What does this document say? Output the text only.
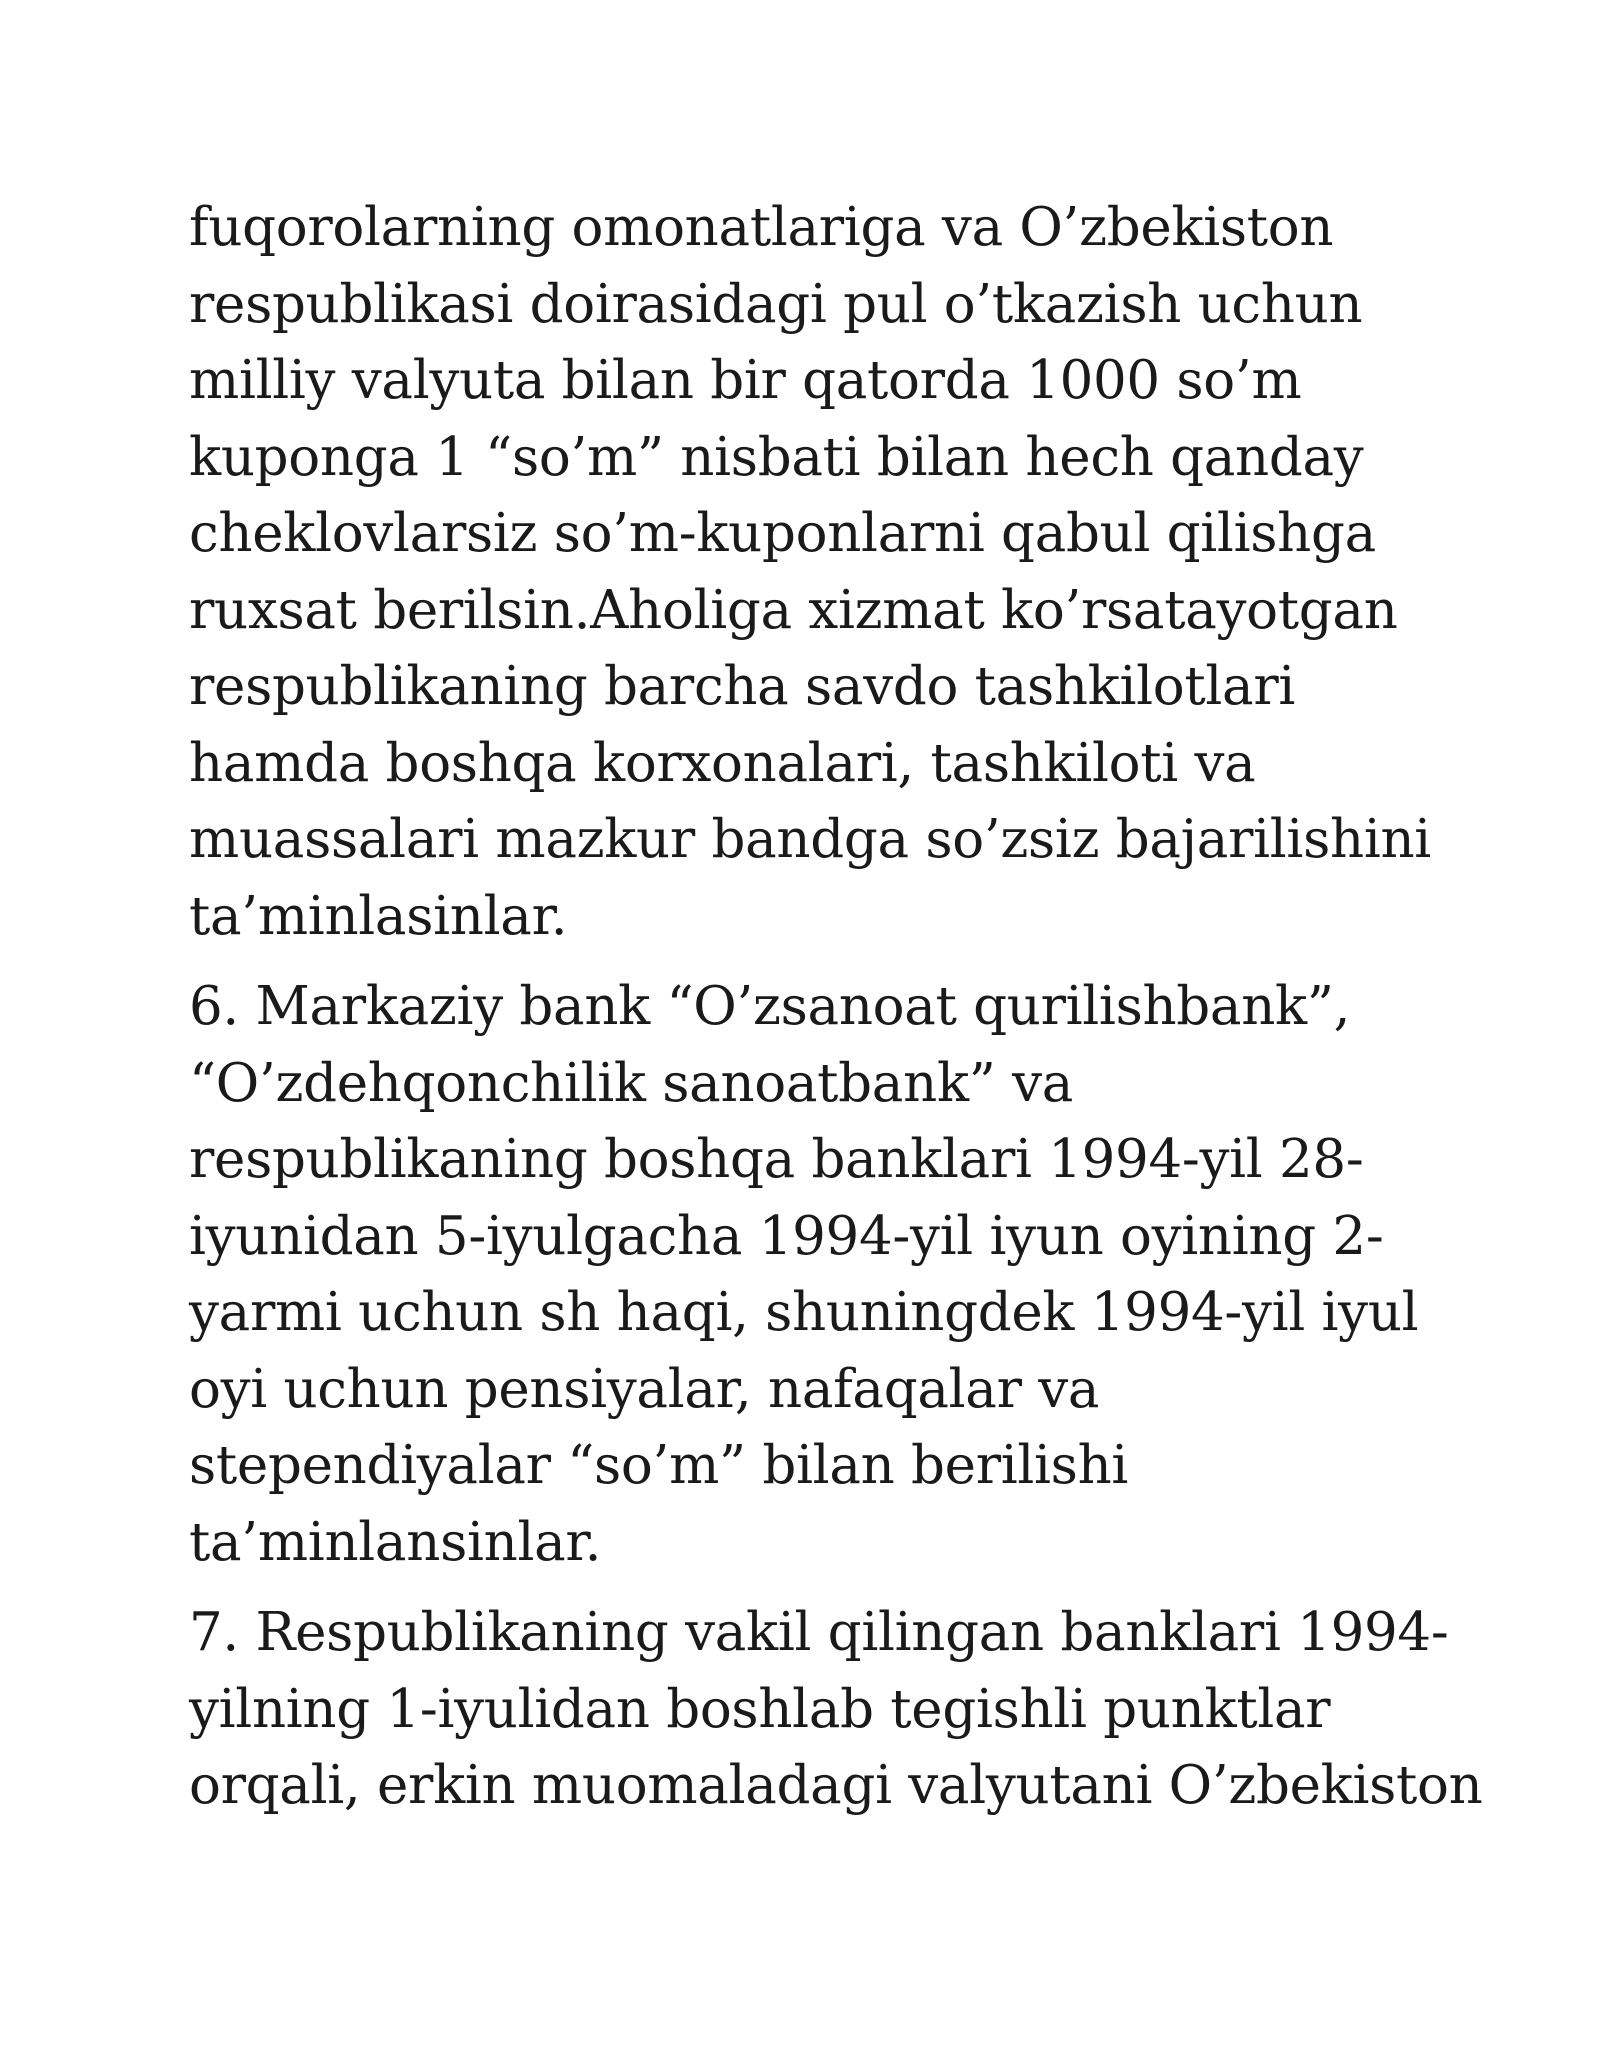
fuqorolarning omonatlariga va O’zbekiston
respublikasi doirasidagi pul o’tkazish uchun
milliy valyuta bilan bir qatorda 1000 so’m
kuponga 1 “so’m” nisbati bilan hech qanday
cheklovlarsiz so’m-kuponlarni qabul qilishga
ruxsat berilsin.Aholiga xizmat ko’rsatayotgan
respublikaning barcha savdo tashkilotlari
hamda boshqa korxonalari, tashkiloti va
muassalari mazkur bandga so’zsiz bajarilishini
ta’minlasinlar.

6. Markaziy bank “O’zsanoat qurilishbank”,
“O’zdehqonchilik sanoatbank” va
respublikaning boshqa banklari 1994-yil 28-
iyunidan 5-iyulgacha 1994-yil iyun oyining 2-
yarmi uchun sh haqi, shuningdek 1994-yil iyul
oyi uchun pensiyalar, nafaqalar va
stependiyalar “so’m” bilan berilishi
ta’minlansinlar.

7. Respublikaning vakil qilingan banklari 1994-
yilning 1-iyulidan boshlab tegishli punktlar
orqali, erkin muomaladagi valyutani O’zbekiston
